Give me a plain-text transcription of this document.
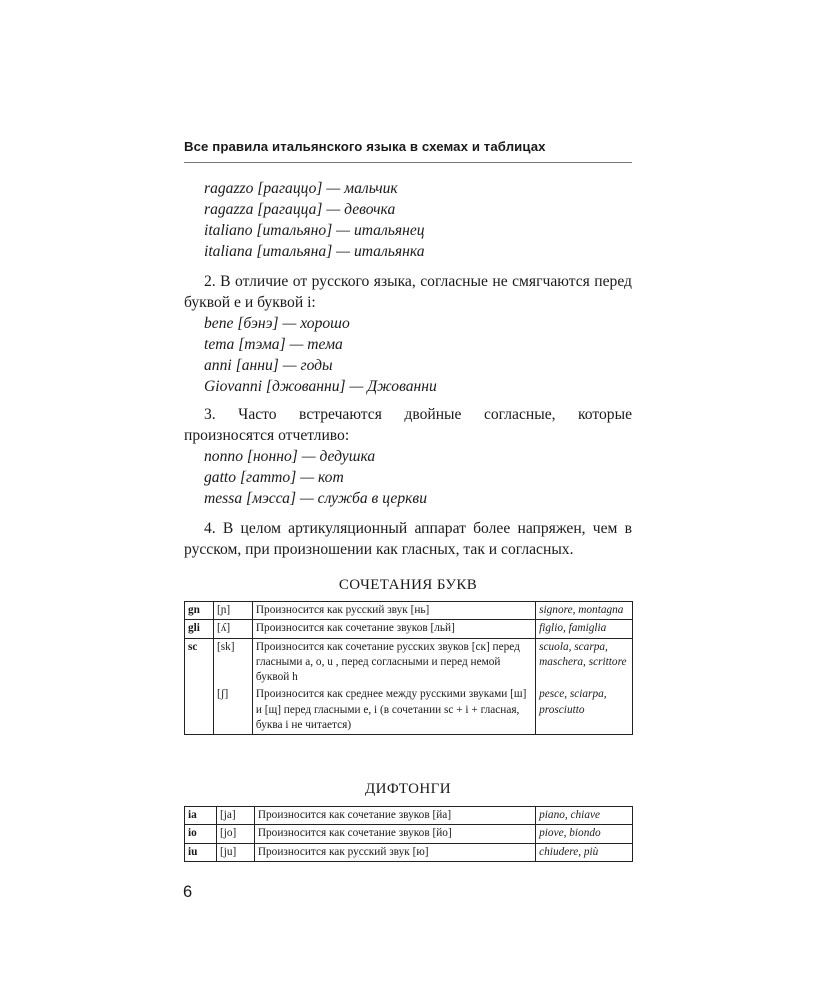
Все правила итальянского языка в схемах и таблицах
ragazzo [рагаццо] — мальчик
ragazza [рагацца] — девочка
italiano [итальяно] — итальянец
italiana [итальяна] — итальянка
2. В отличие от русского языка, согласные не смягчаются перед буквой e и буквой i:
bene [бэнэ] — хорошо
tema [тэма] — тема
anni [анни] — годы
Giovanni [джованни] — Джованни
3. Часто встречаются двойные согласные, которые произносятся отчетливо:
nonno [нонно] — дедушка
gatto [гатто] — кот
messa [мэсса] — служба в церкви
4. В целом артикуляционный аппарат более напряжен, чем в русском, при произношении как гласных, так и согласных.
СОЧЕТАНИЯ БУКВ
gn	[ɲ]	Произносится как русский звук [нь]	signore, montagna
gli	[ʎ]	Произносится как сочетание звуков [льй]	figlio, famiglia
sc	[sk]	Произносится как сочетание русских звуков [ск] перед гласными a, o, u , перед согласными и перед немой буквой h	scuola, scarpa, maschera, scrittore
	[ʃ]	Произносится как среднее между русскими звуками [ш] и [щ] перед гласными e, i (в сочетании sc + i + гласная, буква i не читается)	pesce, sciarpa, prosciutto
ДИФТОНГИ
ia	[ja]	Произносится как сочетание звуков [йа]	piano, chiave
io	[jo]	Произносится как сочетание звуков [йо]	piove, biondo
iu	[ju]	Произносится как русский звук [ю]	chiudere, più
6
